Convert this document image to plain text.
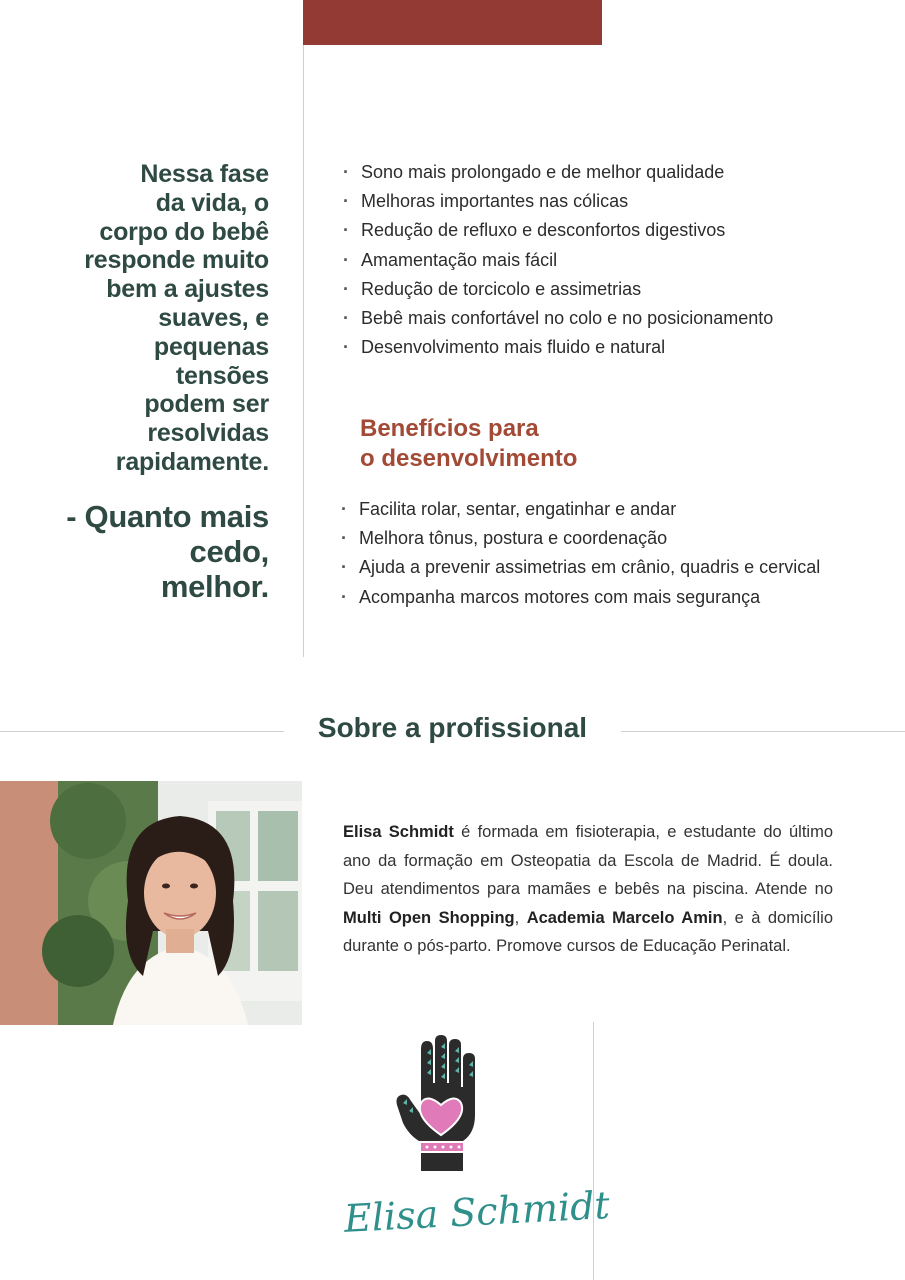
Nessa fase
da vida, o
corpo do bebê
responde muito
bem a ajustes
suaves, e
pequenas
tensões
podem ser
resolvidas
rapidamente.
- Quanto mais
cedo,
melhor.
· Sono mais prolongado e de melhor qualidade
· Melhoras importantes nas cólicas
· Redução de refluxo e desconfortos digestivos
· Amamentação mais fácil
· Redução de torcicolo e assimetrias
· Bebê mais confortável no colo e no posicionamento
· Desenvolvimento mais fluido e natural
Benefícios para
o desenvolvimento
· Facilita rolar, sentar, engatinhar e andar
· Melhora tônus, postura e coordenação
· Ajuda a prevenir assimetrias em crânio, quadris e cervical
· Acompanha marcos motores com mais segurança
Sobre a profissional
Elisa Schmidt é formada em fisioterapia, e estudante do último ano da formação em Osteopatia da Escola de Madrid. É doula. Deu atendimentos para mamães e bebês na piscina. Atende no Multi Open Shopping, Academia Marcelo Amin, e à domicílio durante o pós-parto. Promove cursos de Educação Perinatal.
Elisa Schmidt
